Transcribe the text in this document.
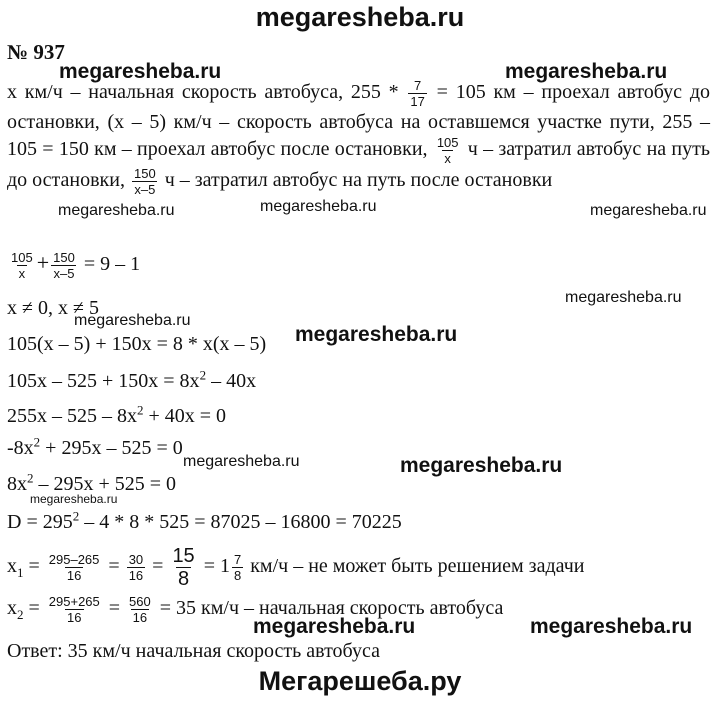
megaresheba.ru
№ 937
megaresheba.ru	megaresheba.ru
megaresheba.ru	megaresheba.ru	megaresheba.ru
megaresheba.ru
megaresheba.ru
megaresheba.ru
megaresheba.ru	megaresheba.ru
megaresheba.ru
megaresheba.ru	megaresheba.ru
x км/ч – начальная скорость автобуса, $255 * \frac{7}{17} = 105$ км – проехал автобус до остановки, (x – 5) км/ч – скорость автобуса на оставшемся участке пути, 255 – 105 = 150 км – проехал автобус после остановки, $\frac{105}{x}$ ч – затратил автобус на путь до остановки, $\frac{150}{x-5}$ ч – затратил автобус на путь после остановки
$\frac{105}{x} + \frac{150}{x-5} = 9 - 1$
x ≠ 0, x ≠ 5
105(x – 5) + 150x = 8 * x(x – 5)
$105x - 525 + 150x = 8x^2 - 40x$
$255x - 525 - 8x^2 + 40x = 0$
$-8x^2 + 295x - 525 = 0$
$8x^2 - 295x + 525 = 0$
$D = 295^2 - 4 * 8 * 525 = 87025 - 16800 = 70225$
$x_1 = \frac{295-265}{16} = \frac{30}{16} = \frac{15}{8} = 1 \frac{7}{8} км/ч$ – не может быть решением задачи
$x_2 = \frac{295+265}{16} = \frac{560}{16} = 35$ км/ч – начальная скорость автобуса
Ответ: 35 км/ч начальная скорость автобуса
Мегарешеба.ру
